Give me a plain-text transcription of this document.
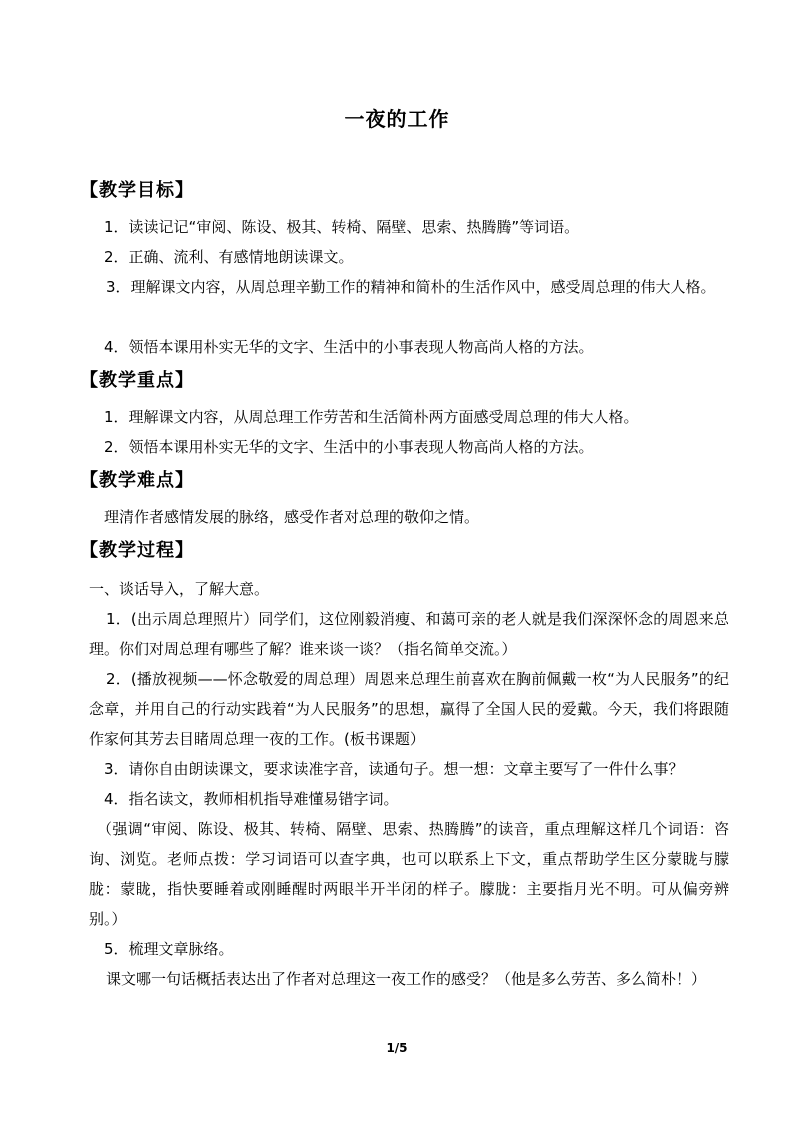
一夜的工作
【教学目标】
1．读读记记“审阅、陈设、极其、转椅、隔壁、思索、热腾腾”等词语。
2．正确、流利、有感情地朗读课文。
3．理解课文内容，从周总理辛勤工作的精神和简朴的生活作风中，感受周总理的伟大人格。
4．领悟本课用朴实无华的文字、生活中的小事表现人物高尚人格的方法。
【教学重点】
1．理解课文内容，从周总理工作劳苦和生活简朴两方面感受周总理的伟大人格。
2．领悟本课用朴实无华的文字、生活中的小事表现人物高尚人格的方法。
【教学难点】
理清作者感情发展的脉络，感受作者对总理的敬仰之情。
【教学过程】
一、谈话导入，了解大意。
1．(出示周总理照片）同学们，这位刚毅消瘦、和蔼可亲的老人就是我们深深怀念的周恩来总理。你们对周总理有哪些了解？谁来谈一谈？（指名简单交流。）
2．(播放视频——怀念敬爱的周总理）周恩来总理生前喜欢在胸前佩戴一枚“为人民服务”的纪念章，并用自己的行动实践着“为人民服务”的思想，赢得了全国人民的爱戴。今天，我们将跟随作家何其芳去目睹周总理一夜的工作。(板书课题）
3．请你自由朗读课文，要求读准字音，读通句子。想一想：文章主要写了一件什么事？
4．指名读文，教师相机指导难懂易错字词。
（强调“审阅、陈设、极其、转椅、隔壁、思索、热腾腾”的读音，重点理解这样几个词语：咨询、浏览。老师点拨：学习词语可以查字典，也可以联系上下文，重点帮助学生区分蒙眬与朦胧：蒙眬，指快要睡着或刚睡醒时两眼半开半闭的样子。朦胧：主要指月光不明。可从偏旁辨别。）
5．梳理文章脉络。
课文哪一句话概括表达出了作者对总理这一夜工作的感受？（他是多么劳苦、多么简朴！）
1/5
